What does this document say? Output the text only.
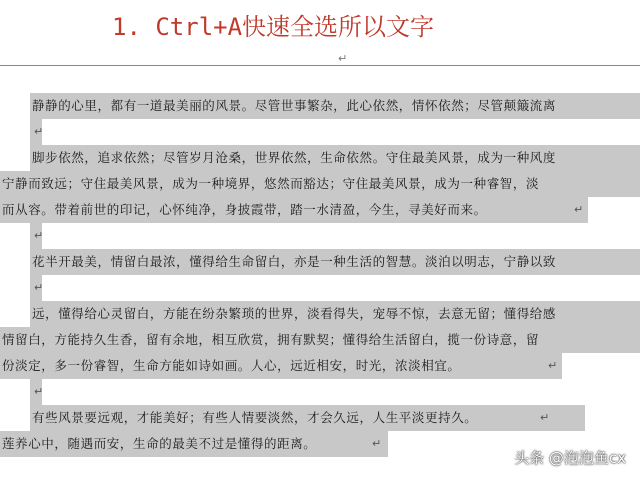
1. Ctrl+A快速全选所以文字
↵
静静的心里，都有一道最美丽的风景。尽管世事繁杂，此心依然，情怀依然；尽管颠簸流离
↵
脚步依然，追求依然；尽管岁月沧桑，世界依然，生命依然。守住最美风景，成为一种风度
宁静而致远；守住最美风景，成为一种境界，悠然而豁达；守住最美风景，成为一种睿智，淡
而从容。带着前世的印记，心怀纯净，身披霞带，踏一水清盈，今生，寻美好而来。	↵
↵
花半开最美，情留白最浓，懂得给生命留白，亦是一种生活的智慧。淡泊以明志，宁静以致
↵
远，懂得给心灵留白，方能在纷杂繁琐的世界，淡看得失，宠辱不惊，去意无留；懂得给感
情留白，方能持久生香，留有余地，相互欣赏，拥有默契；懂得给生活留白，揽一份诗意，留
份淡定，多一份睿智，生命方能如诗如画。人心，远近相安，时光，浓淡相宜。	↵
↵
有些风景要远观，才能美好；有些人情要淡然，才会久远，人生平淡更持久。	↵
莲养心中，随遇而安，生命的最美不过是懂得的距离。	↵
头条 @泡泡鱼cx
